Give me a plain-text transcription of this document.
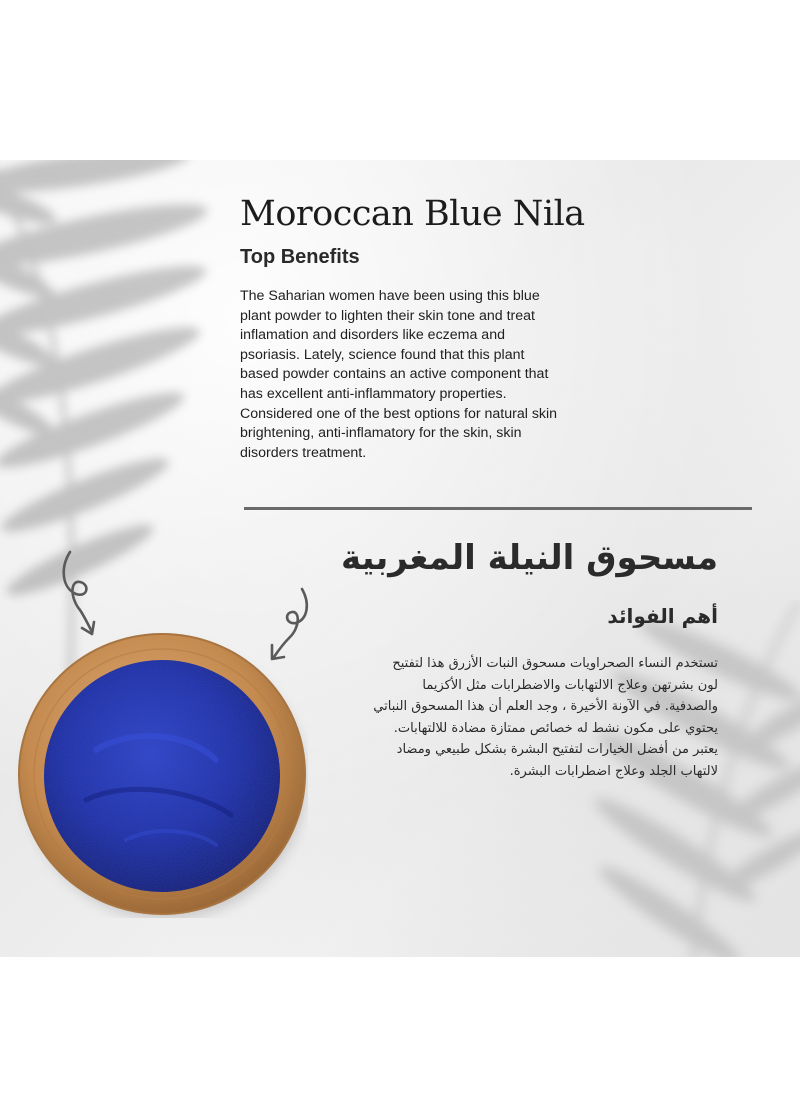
Moroccan Blue Nila
Top Benefits

The Saharian women have been using this blue plant powder to lighten their skin tone and treat inflamation and disorders like eczema and psoriasis. Lately, science found that this plant based powder contains an active component that has excellent anti-inflammatory properties. Considered one of the best options for natural skin brightening, anti-inflamatory for the skin, skin disorders treatment.

مسحوق النيلة المغربية
أهم الفوائد

تستخدم النساء الصحراويات مسحوق النبات الأزرق هذا لتفتيح لون بشرتهن وعلاج الالتهابات والاضطرابات مثل الأكزيما والصدفية. في الآونة الأخيرة ، وجد العلم أن هذا المسحوق النباتي يحتوي على مكون نشط له خصائص ممتازة مضادة للالتهابات. يعتبر من أفضل الخيارات لتفتيح البشرة بشكل طبيعي ومضاد لالتهاب الجلد وعلاج اضطرابات البشرة.
